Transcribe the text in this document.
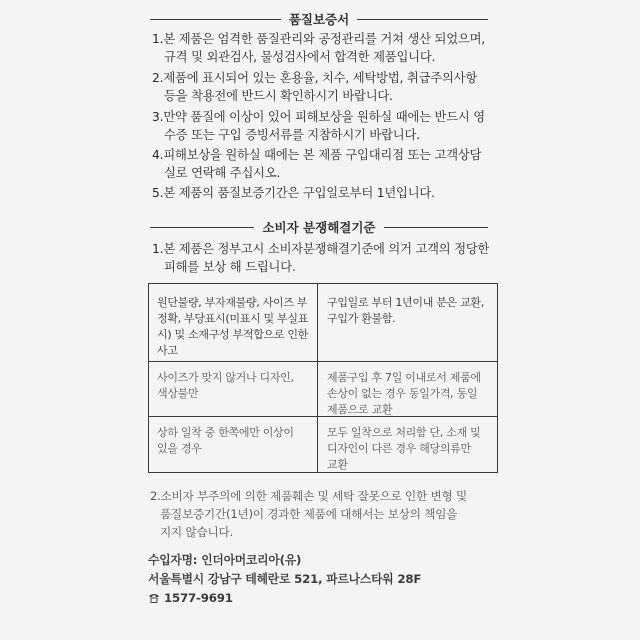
품질보증서
1.본 제품은 엄격한 품질관리와 공정관리를 거쳐 생산 되었으며,
규격 및 외관검사, 물성검사에서 합격한 제품입니다.
2.제품에 표시되어 있는 혼용율, 치수, 세탁방법, 취급주의사항
등을 착용전에 반드시 확인하시기 바랍니다.
3.만약 품질에 이상이 있어 피해보상을 원하실 때에는 반드시 영
수증 또는 구입 증빙서류를 지참하시기 바랍니다.
4.피해보상을 원하실 때에는 본 제품 구입대리점 또는 고객상담
실로 연락해 주십시오.
5.본 제품의 품질보증기간은 구입일로부터 1년입니다.
소비자 분쟁해결기준
1.본 제품은 정부고시 소비자분쟁해결기준에 의거 고객의 정당한
피해를 보상 해 드립니다.
원단불량, 부자재불량, 사이즈 부
정확, 부당표시(미표시 및 부실표
시) 및 소재구성 부적합으로 인한
사고
구입일로 부터 1년이내 분은 교환,
구입가 환불함.
사이즈가 맞지 않거나 디자인,
색상불만
제품구입 후 7일 이내로서 제품에
손상이 없는 경우 동일가격, 동일
제품으로 교환
상하 일착 중 한쪽에만 이상이
있을 경우
모두 일착으로 처리함 단, 소재 및
디자인이 다른 경우 해당의류만
교환
2.소비자 부주의에 의한 제품훼손 및 세탁 잘못으로 인한 변형 및
품질보증기간(1년)이 경과한 제품에 대해서는 보상의 책임을
지지 않습니다.
수입자명: 인더아머코리아(유)
서울특별시 강남구 테헤란로 521, 파르나스타워 28F
1577-9691
